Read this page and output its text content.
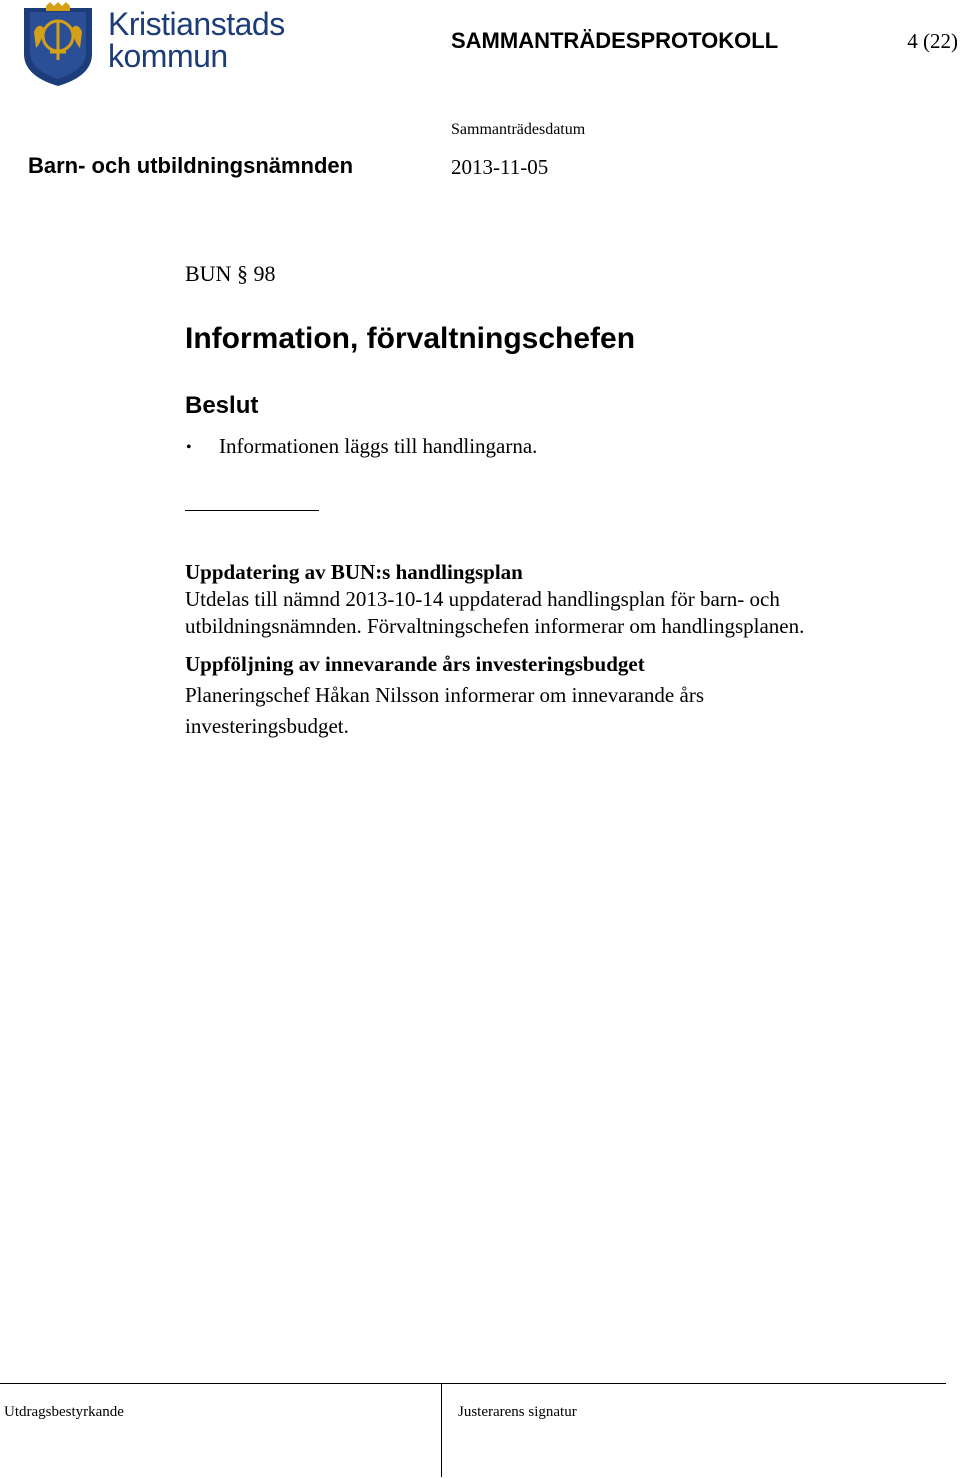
Kristianstads
kommun	SAMMANTRÄDESPROTOKOLL	4 (22)
Sammanträdesdatum
Barn- och utbildningsnämnden	2013-11-05
BUN § 98
Information, förvaltningschefen
Beslut
• Informationen läggs till handlingarna.
Uppdatering av BUN:s handlingsplan
Utdelas till nämnd 2013-10-14 uppdaterad handlingsplan för barn- och
utbildningsnämnden. Förvaltningschefen informerar om handlingsplanen.
Uppföljning av innevarande års investeringsbudget
Planeringschef Håkan Nilsson informerar om innevarande års
investeringsbudget.
Utdragsbestyrkande	Justerarens signatur
